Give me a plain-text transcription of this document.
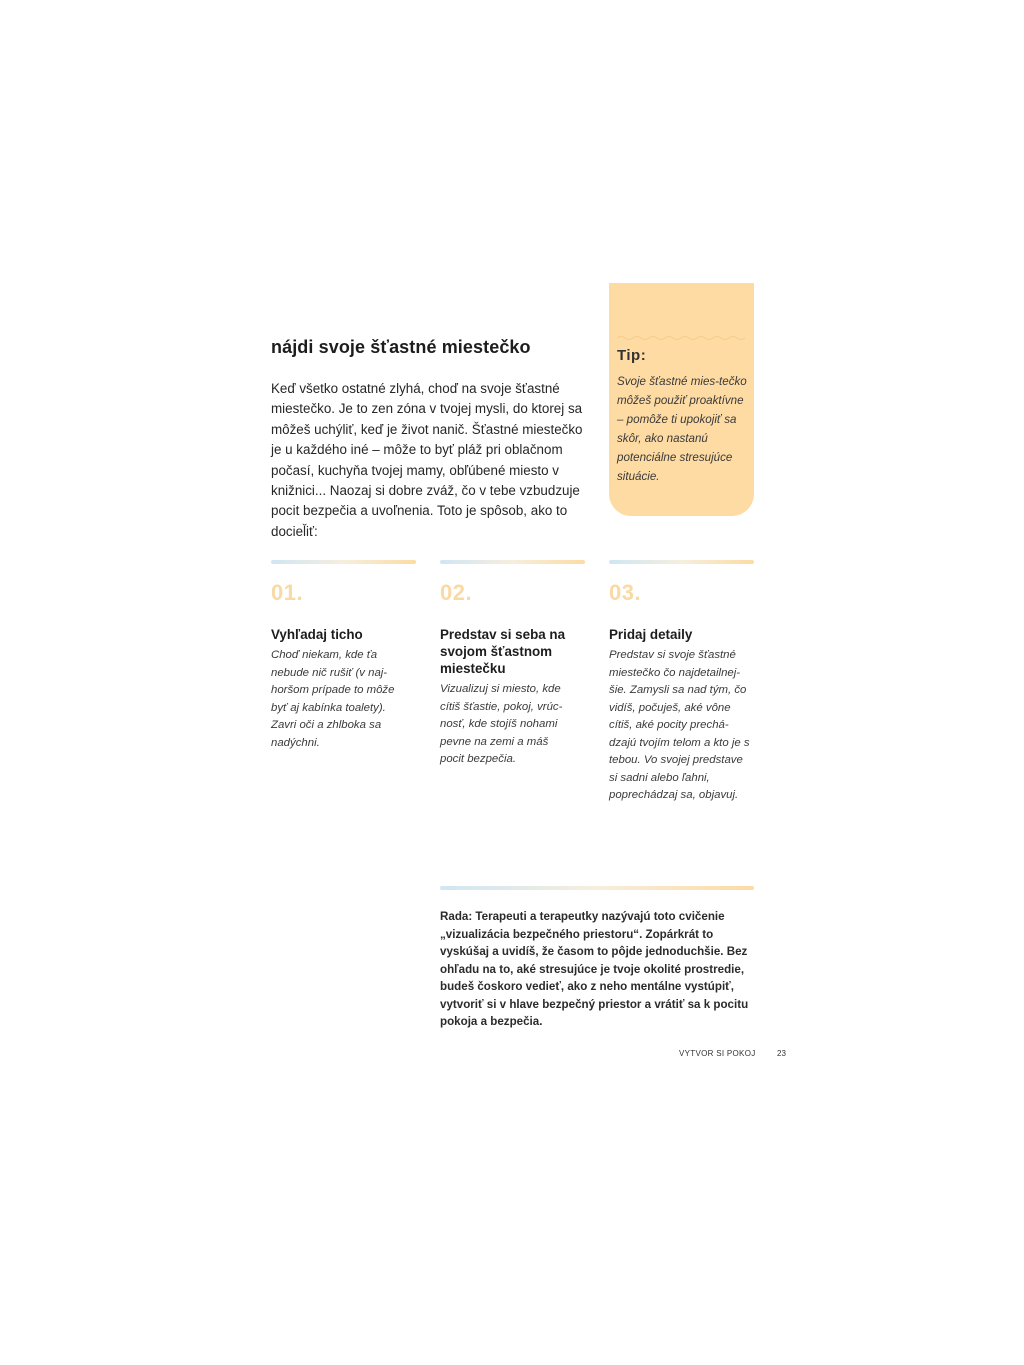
nájdi svoje šťastné miestečko

Keď všetko ostatné zlyhá, choď na svoje šťastné miestečko. Je to zen zóna v tvojej mysli, do ktorej sa môžeš uchýliť, keď je život nanič. Šťastné miestečko je u každého iné – môže to byť pláž pri oblačnom počasí, kuchyňa tvojej mamy, obľúbené miesto v knižnici... Naozaj si dobre zváž, čo v tebe vzbudzuje pocit bezpečia a uvoľnenia. Toto je spôsob, ako to dociel̆iť:

Tip:

Svoje šťastné mies-tečko môžeš použiť proaktívne – pomôže ti upokojiť sa skôr, ako nastanú potenciálne stresujúce situácie.

01.

Vyhľadaj ticho

Choď niekam, kde ťa nebude nič rušiť (v naj-horšom prípade to môže byť aj kabínka toalety). Zavri oči a zhlboka sa nadýchni.

02.

Predstav si seba na svojom šťastnom miestečku

Vizualizuj si miesto, kde cítiš šťastie, pokoj, vrúc-nosť, kde stojíš nohami pevne na zemi a máš pocit bezpečia.

03.

Pridaj detaily

Predstav si svoje šťastné miestečko čo najdetailnej-šie. Zamysli sa nad tým, čo vidíš, počuješ, aké vône cítiš, aké pocity prechá-dzajú tvojím telom a kto je s tebou. Vo svojej predstave si sadni alebo ľahni, poprechádzaj sa, objavuj.

Rada: Terapeuti a terapeutky nazývajú toto cvičenie „vizualizácia bezpečného priestoru“. Zopárkrát to vyskúšaj a uvidíš, že časom to pôjde jednoduchšie. Bez ohľadu na to, aké stresujúce je tvoje okolité prostredie, budeš čoskoro vedieť, ako z neho mentálne vystúpiť, vytvoriť si v hlave bezpečný priestor a vrátiť sa k pocitu pokoja a bezpečia.

VYTVOR SI POKOJ	23
